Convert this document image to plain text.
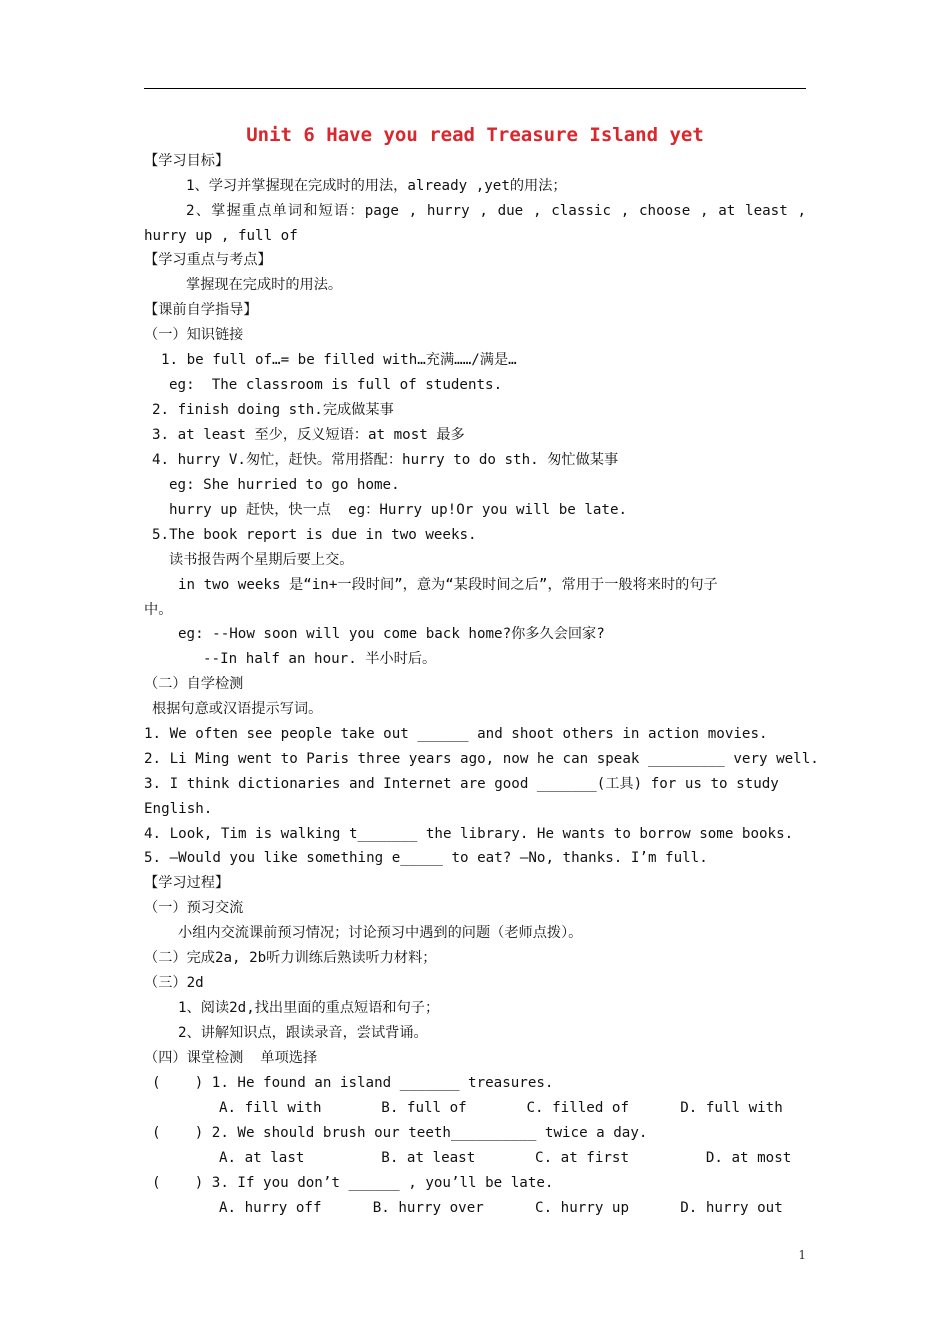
Unit 6 Have you read Treasure Island yet
【学习目标】
1、学习并掌握现在完成时的用法，already ,yet的用法；
2、掌握重点单词和短语：page , hurry , due , classic , choose , at least ,
hurry up , full of
【学习重点与考点】
掌握现在完成时的用法。
【课前自学指导】
（一）知识链接
1. be full of…= be filled with…充满……/满是…
eg:  The classroom is full of students.
2. finish doing sth.完成做某事
3. at least 至少，反义短语：at most 最多
4. hurry V.匆忙，赶快。常用搭配：hurry to do sth. 匆忙做某事
eg: She hurried to go home.
hurry up 赶快，快一点  eg：Hurry up!Or you will be late.
5.The book report is due in two weeks.
读书报告两个星期后要上交。
in two weeks 是“in+一段时间”，意为“某段时间之后”，常用于一般将来时的句子
中。
eg: --How soon will you come back home?你多久会回家?
--In half an hour. 半小时后。
（二）自学检测
根据句意或汉语提示写词。
1. We often see people take out ______ and shoot others in action movies.
2. Li Ming went to Paris three years ago, now he can speak _________ very well.
3. I think dictionaries and Internet are good _______(工具) for us to study
English.
4. Look, Tim is walking t_______ the library. He wants to borrow some books.
5. —Would you like something e_____ to eat? —No, thanks. I’m full.
【学习过程】
（一）预习交流
小组内交流课前预习情况；讨论预习中遇到的问题（老师点拨）。
（二）完成2a, 2b听力训练后熟读听力材料；
（三）2d
1、阅读2d,找出里面的重点短语和句子；
2、讲解知识点，跟读录音，尝试背诵。
（四）课堂检测  单项选择
(    ) 1. He found an island _______ treasures.
A. fill with       B. full of       C. filled of      D. full with
(    ) 2. We should brush our teeth__________ twice a day.
A. at last         B. at least       C. at first         D. at most
(    ) 3. If you don’t ______ , you’ll be late.
A. hurry off      B. hurry over      C. hurry up      D. hurry out
1
